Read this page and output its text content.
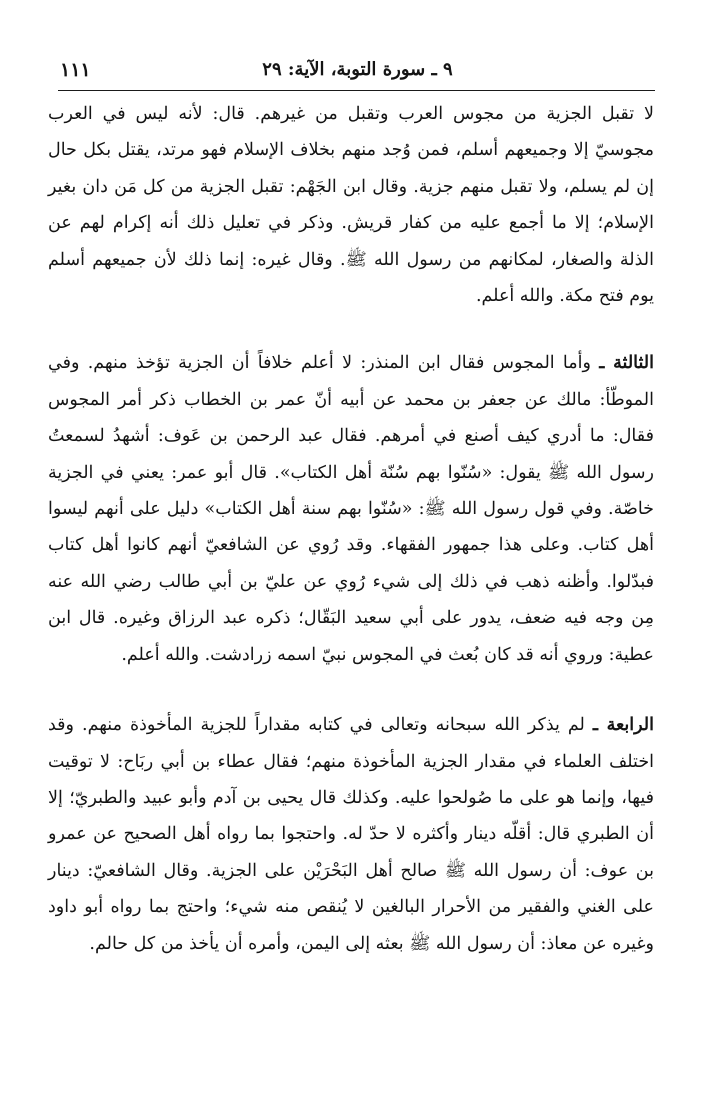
٩ ـ سورة التوبة، الآية: ٢٩
١١١

لا تقبل الجزية من مجوس العرب وتقبل من غيرهم. قال: لأنه ليس في العرب مجوسيّ إلا وجميعهم أسلم، فمن وُجد منهم بخلاف الإسلام فهو مرتد، يقتل بكل حال إن لم يسلم، ولا تقبل منهم جزية. وقال ابن الجَهْم: تقبل الجزية من كل مَن دان بغير الإسلام؛ إلا ما أجمع عليه من كفار قريش. وذكر في تعليل ذلك أنه إكرام لهم عن الذلة والصغار، لمكانهم من رسول الله ﷺ. وقال غيره: إنما ذلك لأن جميعهم أسلم يوم فتح مكة. والله أعلم.

الثالثة ـ وأما المجوس فقال ابن المنذر: لا أعلم خلافاً أن الجزية تؤخذ منهم. وفي الموطّأ: مالك عن جعفر بن محمد عن أبيه أنّ عمر بن الخطاب ذكر أمر المجوس فقال: ما أدري كيف أصنع في أمرهم. فقال عبد الرحمن بن عَوف: أشهدُ لسمعتُ رسول الله ﷺ يقول: «سُنّوا بهم سُنّة أهل الكتاب». قال أبو عمر: يعني في الجزية خاصّة. وفي قول رسول الله ﷺ: «سُنّوا بهم سنة أهل الكتاب» دليل على أنهم ليسوا أهل كتاب. وعلى هذا جمهور الفقهاء. وقد رُوي عن الشافعيّ أنهم كانوا أهل كتاب فبدّلوا. وأظنه ذهب في ذلك إلى شيء رُوي عن عليّ بن أبي طالب رضي الله عنه مِن وجه فيه ضعف، يدور على أبي سعيد البَقّال؛ ذكره عبد الرزاق وغيره. قال ابن عطية: وروي أنه قد كان بُعث في المجوس نبيّ اسمه زرادشت. والله أعلم.

الرابعة ـ لم يذكر الله سبحانه وتعالى في كتابه مقداراً للجزية المأخوذة منهم. وقد اختلف العلماء في مقدار الجزية المأخوذة منهم؛ فقال عطاء بن أبي ربَاح: لا توقيت فيها، وإنما هو على ما صُولحوا عليه. وكذلك قال يحيى بن آدم وأبو عبيد والطبريّ؛ إلا أن الطبري قال: أقلّه دينار وأكثره لا حدّ له. واحتجوا بما رواه أهل الصحيح عن عمرو بن عوف: أن رسول الله ﷺ صالح أهل البَحْرَيْن على الجزية. وقال الشافعيّ: دينار على الغني والفقير من الأحرار البالغين لا يُنقص منه شيء؛ واحتج بما رواه أبو داود وغيره عن معاذ: أن رسول الله ﷺ بعثه إلى اليمن، وأمره أن يأخذ من كل حالم.
